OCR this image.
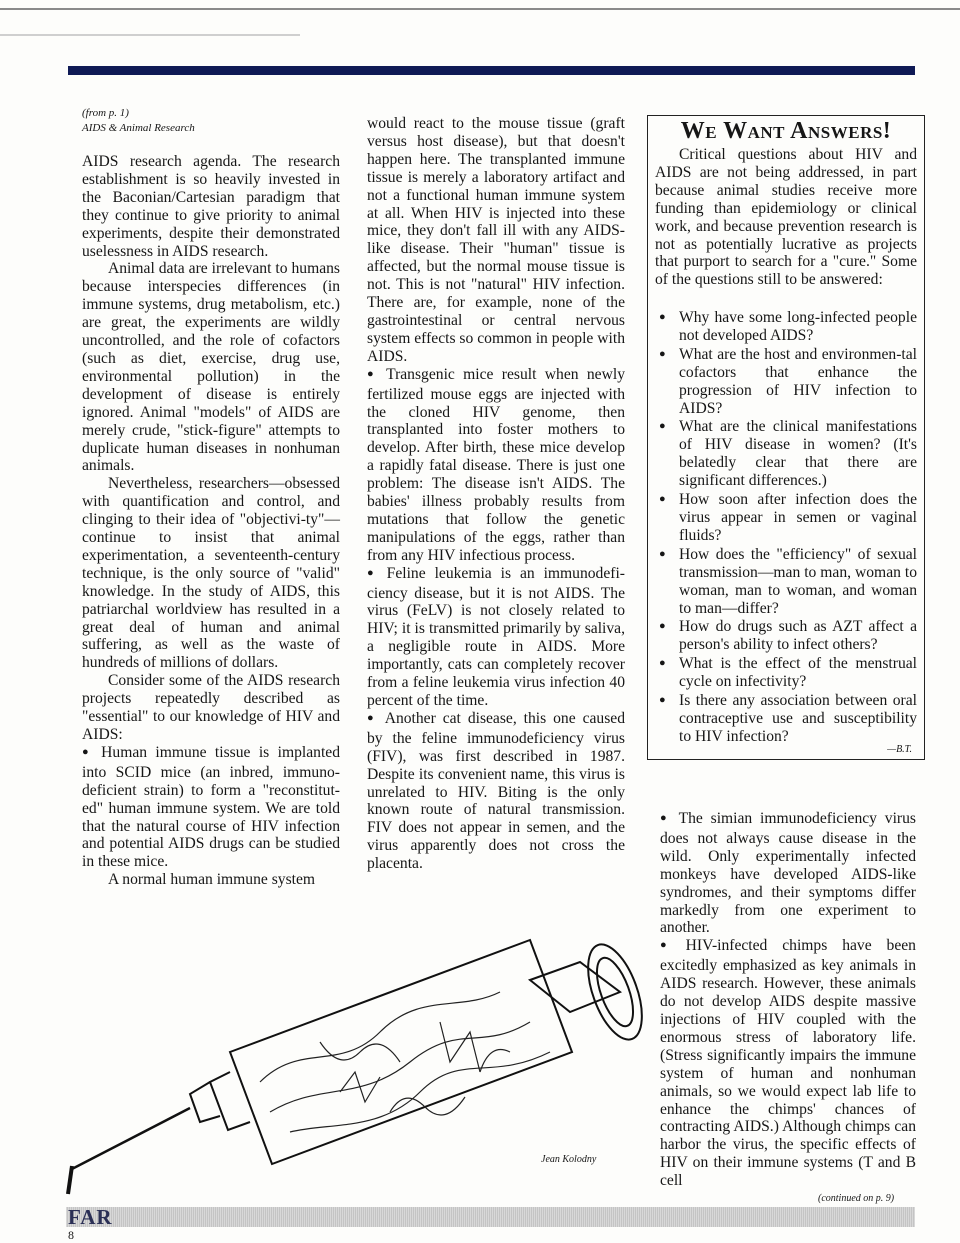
(from p. 1)
AIDS & Animal Research

AIDS research agenda. The research establishment is so heavily invested in the Baconian/Cartesian paradigm that they continue to give priority to animal experiments, despite their demonstrated uselessness in AIDS research.

Animal data are irrelevant to humans because interspecies differences (in immune systems, drug metabolism, etc.) are great, the experiments are wildly uncontrolled, and the role of cofactors (such as diet, exercise, drug use, environmental pollution) in the development of disease is entirely ignored. Animal "models" of AIDS are merely crude, "stick-figure" attempts to duplicate human diseases in nonhuman animals.

Nevertheless, researchers—obsessed with quantification and control, and clinging to their idea of "objectivi-ty"—continue to insist that animal experimentation, a seventeenth-century technique, is the only source of "valid" knowledge. In the study of AIDS, this patriarchal worldview has resulted in a great deal of human and animal suffering, as well as the waste of hundreds of millions of dollars.

Consider some of the AIDS research projects repeatedly described as "essential" to our knowledge of HIV and AIDS:

● Human immune tissue is implanted into SCID mice (an inbred, immuno-deficient strain) to form a "reconstitut-ed" human immune system. We are told that the natural course of HIV infection and potential AIDS drugs can be studied in these mice.

A normal human immune system

would react to the mouse tissue (graft versus host disease), but that doesn't happen here. The transplanted immune tissue is merely a laboratory artifact and not a functional human immune system at all. When HIV is injected into these mice, they don't fall ill with any AIDS-like disease. Their "human" tissue is affected, but the normal mouse tissue is not. This is not "natural" HIV infection. There are, for example, none of the gastrointestinal or central nervous system effects so common in people with AIDS.

● Transgenic mice result when newly fertilized mouse eggs are injected with the cloned HIV genome, then transplanted into foster mothers to develop. After birth, these mice develop a rapidly fatal disease. There is just one problem: The disease isn't AIDS. The babies' illness probably results from mutations that follow the genetic manipulations of the eggs, rather than from any HIV infectious process.

● Feline leukemia is an immunodefi-ciency disease, but it is not AIDS. The virus (FeLV) is not closely related to HIV; it is transmitted primarily by saliva, a negligible route in AIDS. More importantly, cats can completely recover from a feline leukemia virus infection 40 percent of the time.

● Another cat disease, this one caused by the feline immunodeficiency virus (FIV), was first described in 1987. Despite its convenient name, this virus is unrelated to HIV. Biting is the only known route of natural transmission. FIV does not appear in semen, and the virus apparently does not cross the placenta.

We Want Answers!
Critical questions about HIV and AIDS are not being addressed, in part because animal studies receive more funding than epidemiology or clinical work, and because prevention research is not as potentially lucrative as projects that purport to search for a "cure." Some of the questions still to be answered:
● Why have some long-infected people not developed AIDS?
● What are the host and environmen-tal cofactors that enhance the progression of HIV infection to AIDS?
● What are the clinical manifestations of HIV disease in women? (It's belatedly clear that there are significant differences.)
● How soon after infection does the virus appear in semen or vaginal fluids?
● How does the "efficiency" of sexual transmission—man to man, woman to woman, man to woman, and woman to man—differ?
● How do drugs such as AZT affect a person's ability to infect others?
● What is the effect of the menstrual cycle on infectivity?
● Is there any association between oral contraceptive use and susceptibility to HIV infection?
—B.T.

● The simian immunodeficiency virus does not always cause disease in the wild. Only experimentally infected monkeys have developed AIDS-like syndromes, and their symptoms differ markedly from one experiment to another.

● HIV-infected chimps have been excitedly emphasized as key animals in AIDS research. However, these animals do not develop AIDS despite massive injections of HIV coupled with the enormous stress of laboratory life. (Stress significantly impairs the immune system of human and nonhuman animals, so we would expect lab life to enhance the chimps' chances of contracting AIDS.) Although chimps can harbor the virus, the specific effects of HIV on their immune systems (T and B cell

Jean Kolodny
(continued on p. 9)
FAR
8
